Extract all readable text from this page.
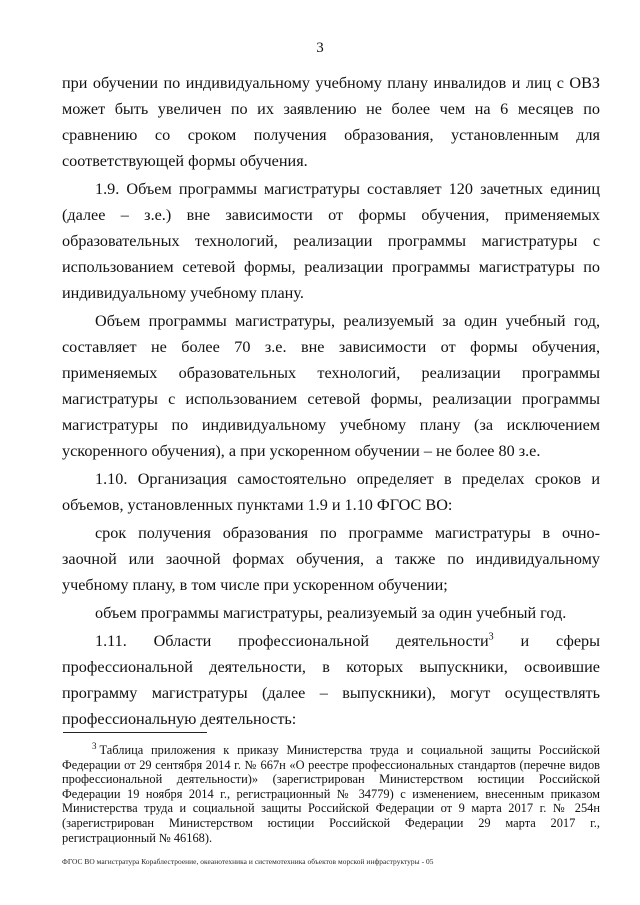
3

при обучении по индивидуальному учебному плану инвалидов и лиц с ОВЗ может быть увеличен по их заявлению не более чем на 6 месяцев по сравнению со сроком получения образования, установленным для соответствующей формы обучения.

1.9. Объем программы магистратуры составляет 120 зачетных единиц (далее – з.е.) вне зависимости от формы обучения, применяемых образовательных технологий, реализации программы магистратуры с использованием сетевой формы, реализации программы магистратуры по индивидуальному учебному плану.

Объем программы магистратуры, реализуемый за один учебный год, составляет не более 70 з.е. вне зависимости от формы обучения, применяемых образовательных технологий, реализации программы магистратуры с использованием сетевой формы, реализации программы магистратуры по индивидуальному учебному плану (за исключением ускоренного обучения), а при ускоренном обучении – не более 80 з.е.

1.10. Организация самостоятельно определяет в пределах сроков и объемов, установленных пунктами 1.9 и 1.10 ФГОС ВО:

срок получения образования по программе магистратуры в очно-заочной или заочной формах обучения, а также по индивидуальному учебному плану, в том числе при ускоренном обучении;

объем программы магистратуры, реализуемый за один учебный год.

1.11. Области профессиональной деятельности$^3$ и сферы профессиональной деятельности, в которых выпускники, освоившие программу магистратуры (далее – выпускники), могут осуществлять профессиональную деятельность:

$^3$ Таблица приложения к приказу Министерства труда и социальной защиты Российской Федерации от 29 сентября 2014 г. № 667н «О реестре профессиональных стандартов (перечне видов профессиональной деятельности)» (зарегистрирован Министерством юстиции Российской Федерации 19 ноября 2014 г., регистрационный № 34779) с изменением, внесенным приказом Министерства труда и социальной защиты Российской Федерации от 9 марта 2017 г. № 254н (зарегистрирован Министерством юстиции Российской Федерации 29 марта 2017 г., регистрационный № 46168).
ФГОС ВО магистратура Кораблестроение, океанотехника и системотехника объектов морской инфраструктуры - 05
